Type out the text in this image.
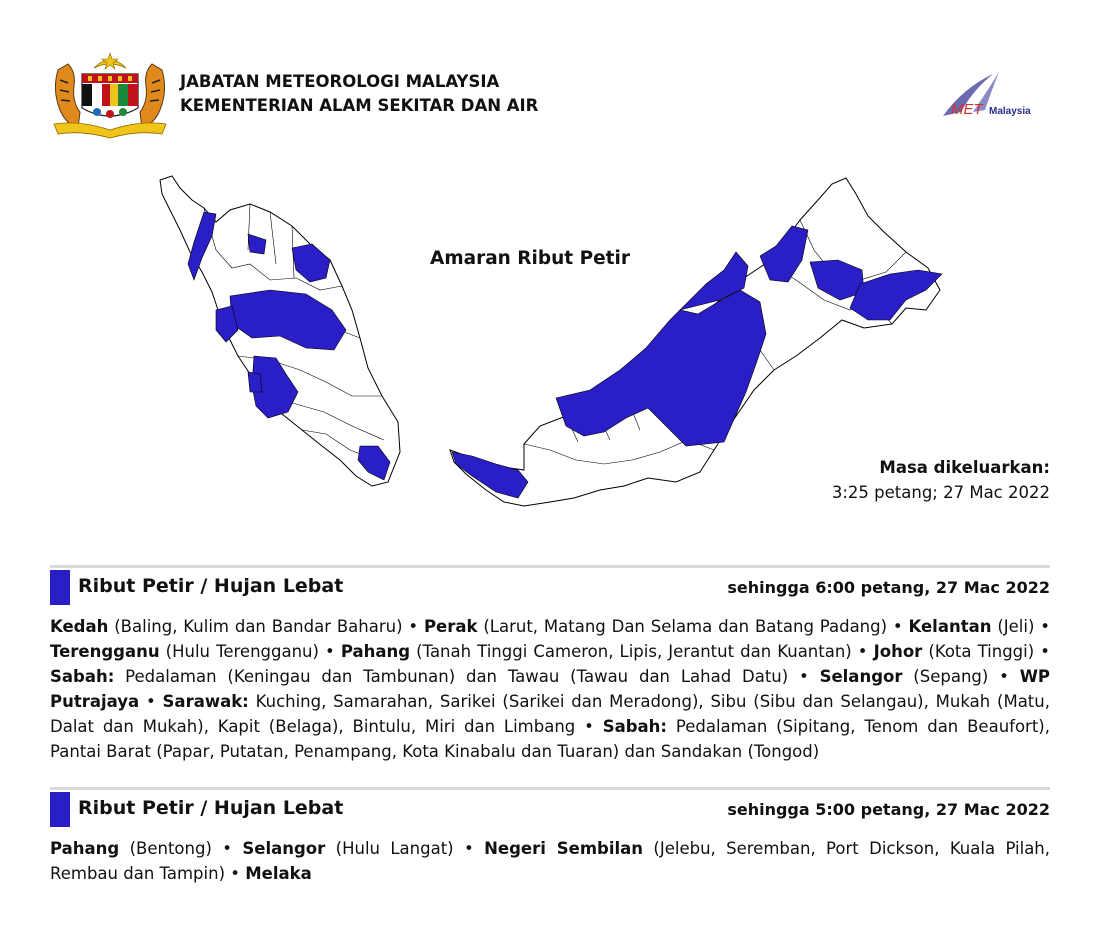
JABATAN METEOROLOGI MALAYSIA
KEMENTERIAN ALAM SEKITAR DAN AIR	MET Malaysia
Amaran Ribut Petir
Masa dikeluarkan:
3:25 petang; 27 Mac 2022
Ribut Petir / Hujan Lebat	sehingga 6:00 petang, 27 Mac 2022
Kedah (Baling, Kulim dan Bandar Baharu) • Perak (Larut, Matang Dan Selama dan Batang Padang) • Kelantan (Jeli) • Terengganu (Hulu Terengganu) • Pahang (Tanah Tinggi Cameron, Lipis, Jerantut dan Kuantan) • Johor (Kota Tinggi) • Sabah: Pedalaman (Keningau dan Tambunan) dan Tawau (Tawau dan Lahad Datu) • Selangor (Sepang) • WP Putrajaya • Sarawak: Kuching, Samarahan, Sarikei (Sarikei dan Meradong), Sibu (Sibu dan Selangau), Mukah (Matu, Dalat dan Mukah), Kapit (Belaga), Bintulu, Miri dan Limbang • Sabah: Pedalaman (Sipitang, Tenom dan Beaufort), Pantai Barat (Papar, Putatan, Penampang, Kota Kinabalu dan Tuaran) dan Sandakan (Tongod)
Ribut Petir / Hujan Lebat	sehingga 5:00 petang, 27 Mac 2022
Pahang (Bentong) • Selangor (Hulu Langat) • Negeri Sembilan (Jelebu, Seremban, Port Dickson, Kuala Pilah, Rembau dan Tampin) • Melaka
